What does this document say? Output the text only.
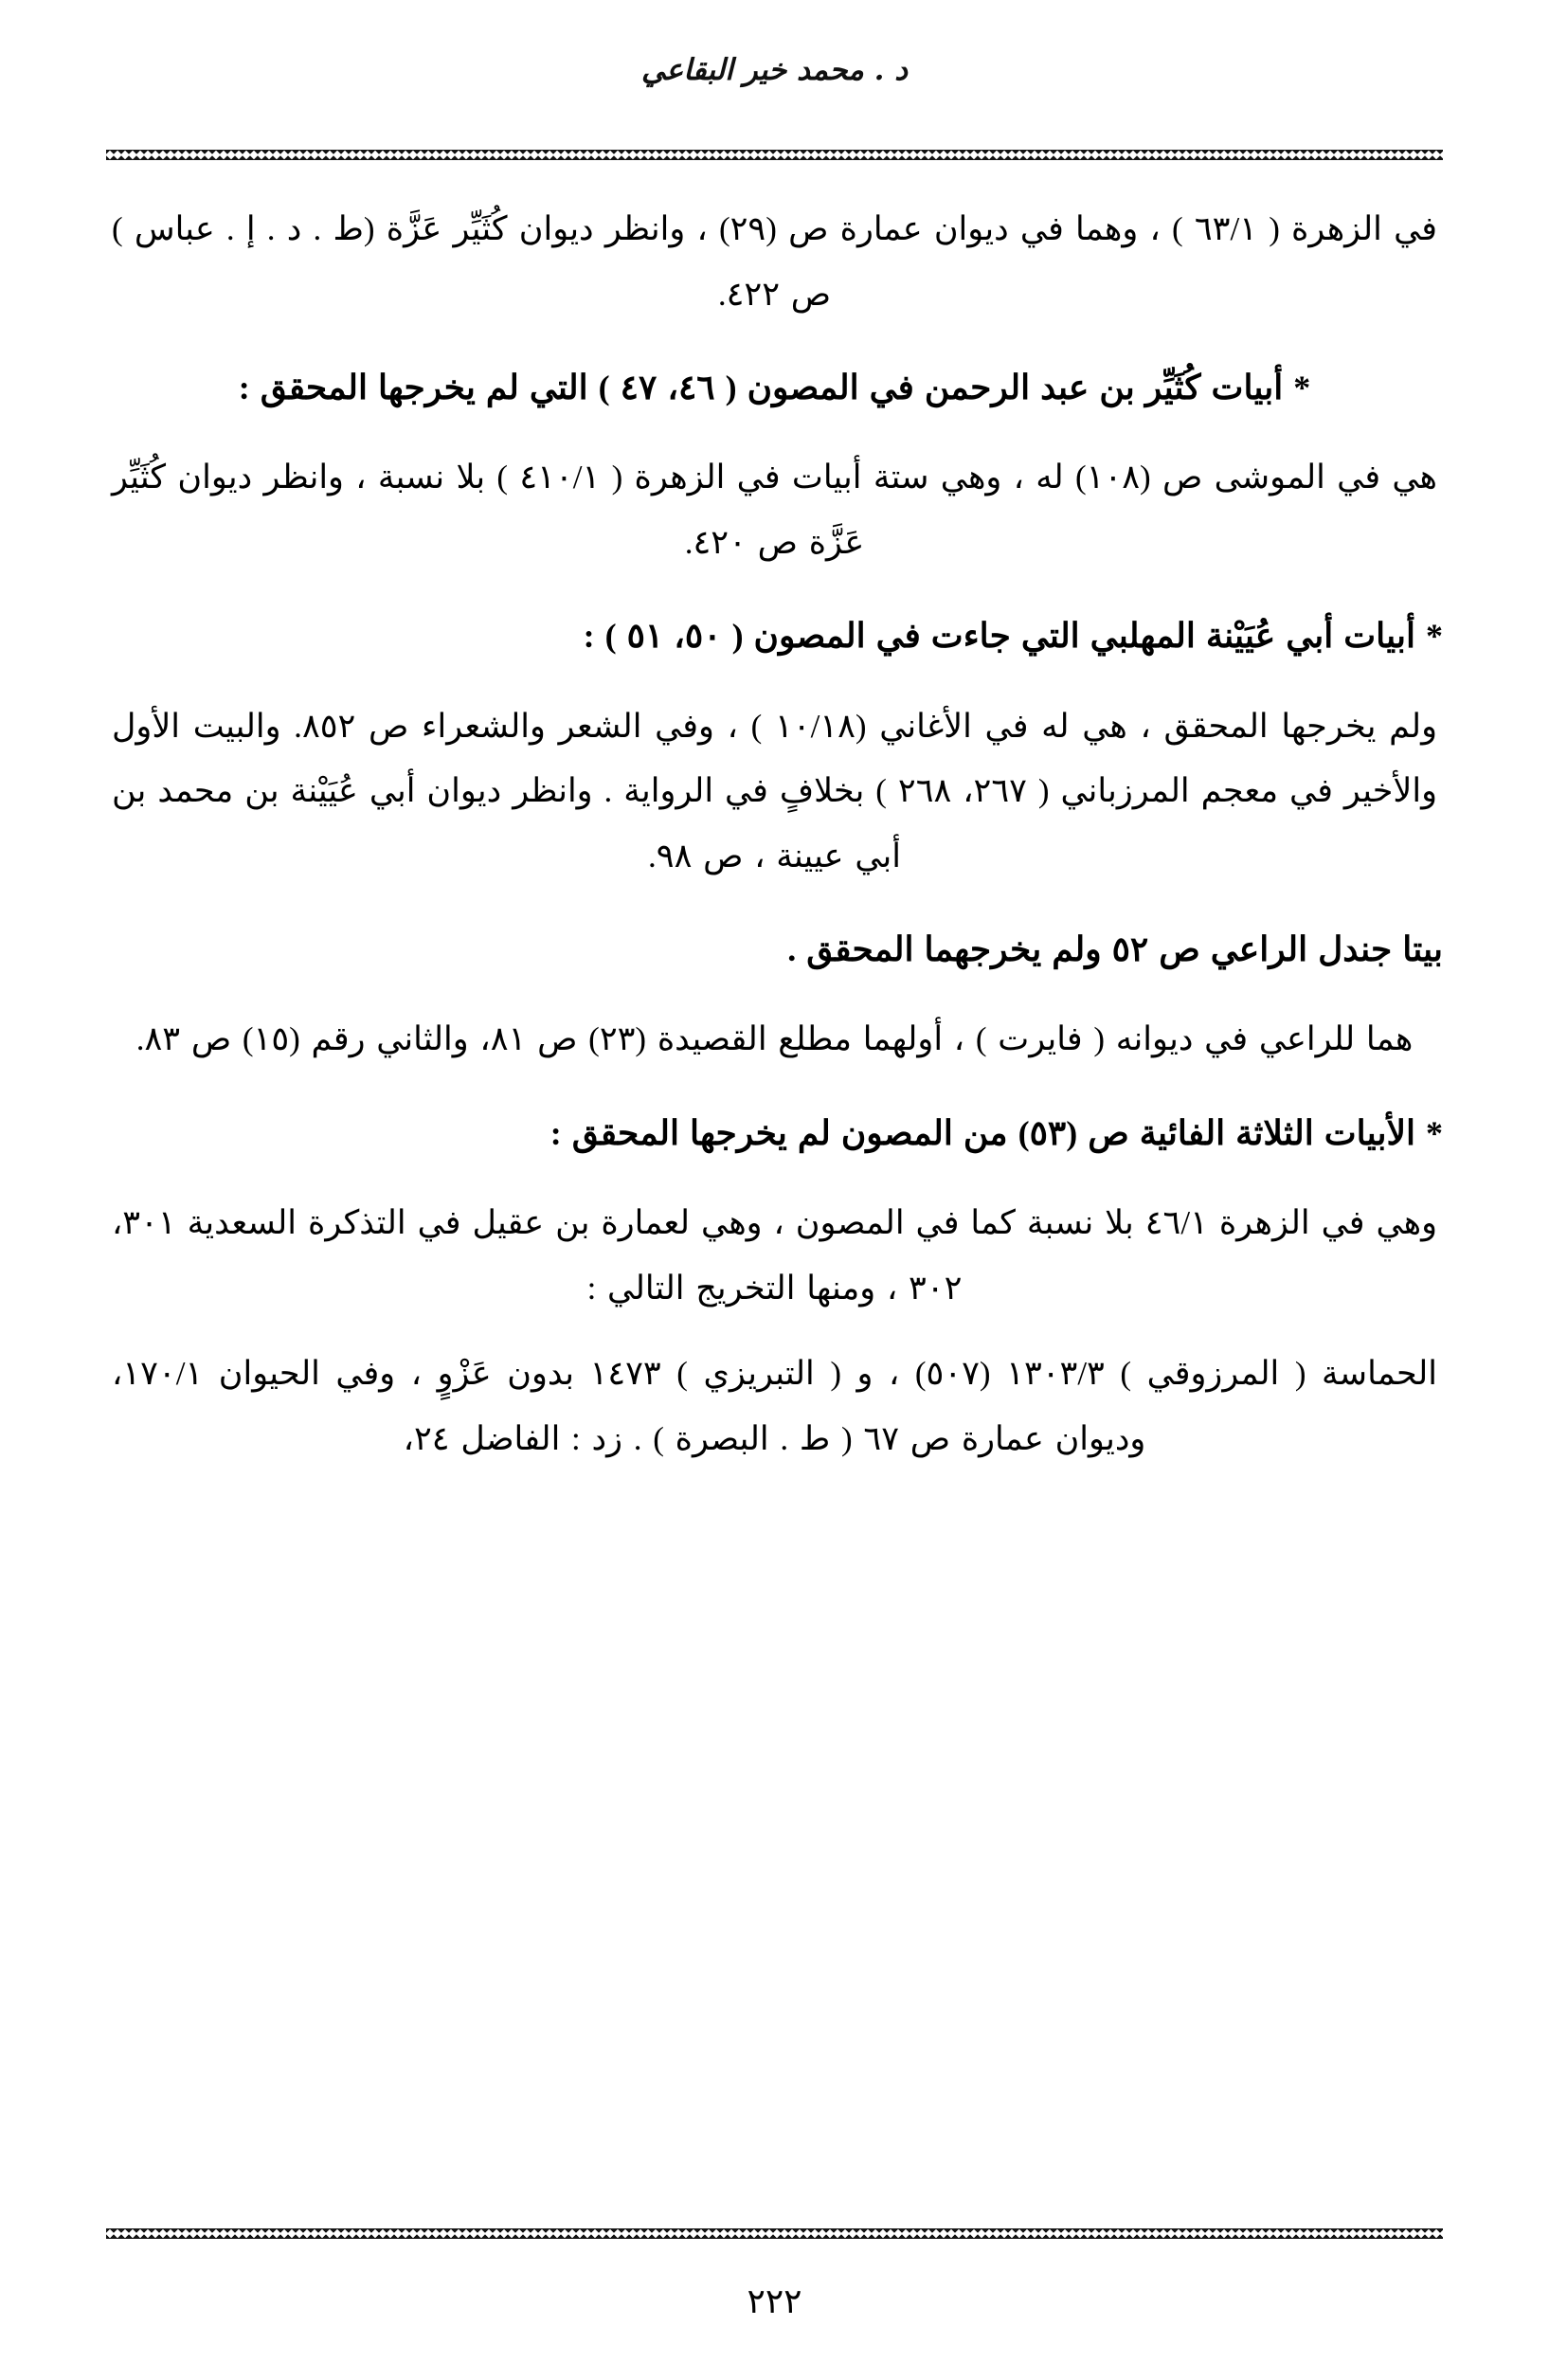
د . محمد خير البقاعي

في الزهرة ( ٦٣/١ ) ، وهما في ديوان عمارة ص (٢٩) ، وانظر ديوان كُثَيِّر عَزَّة (ط . د . إ . عباس ) ص ٤٢٢.

* أبيات كُثَيِّر بن عبد الرحمن في المصون ( ٤٦، ٤٧ ) التي لم يخرجها المحقق :

هي في الموشى ص (١٠٨) له ، وهي ستة أبيات في الزهرة ( ٤١٠/١ ) بلا نسبة ، وانظر ديوان كُثَيِّر عَزَّة ص ٤٢٠.

* أبيات أبي عُيَيْنة المهلبي التي جاءت في المصون ( ٥٠، ٥١ ) :

ولم يخرجها المحقق ، هي له في الأغاني (١٠/١٨ ) ، وفي الشعر والشعراء ص ٨٥٢. والبيت الأول والأخير في معجم المرزباني ( ٢٦٧، ٢٦٨ ) بخلافٍ في الرواية . وانظر ديوان أبي عُيَيْنة بن محمد بن أبي عيينة ، ص ٩٨.

بيتا جندل الراعي ص ٥٢ ولم يخرجهما المحقق .

هما للراعي في ديوانه ( فايرت ) ، أولهما مطلع القصيدة (٢٣) ص ٨١، والثاني رقم (١٥) ص ٨٣.

* الأبيات الثلاثة الفائية ص (٥٣) من المصون لم يخرجها المحقق :

وهي في الزهرة ٤٦/١ بلا نسبة كما في المصون ، وهي لعمارة بن عقيل في التذكرة السعدية ٣٠١، ٣٠٢ ، ومنها التخريج التالي :

الحماسة ( المرزوقي ) ١٣٠٣/٣ (٥٠٧) ، و ( التبريزي ) ١٤٧٣ بدون عَزْوٍ ، وفي الحيوان ١٧٠/١، وديوان عمارة ص ٦٧ ( ط . البصرة ) . زد : الفاضل ٢٤،

٢٢٢
